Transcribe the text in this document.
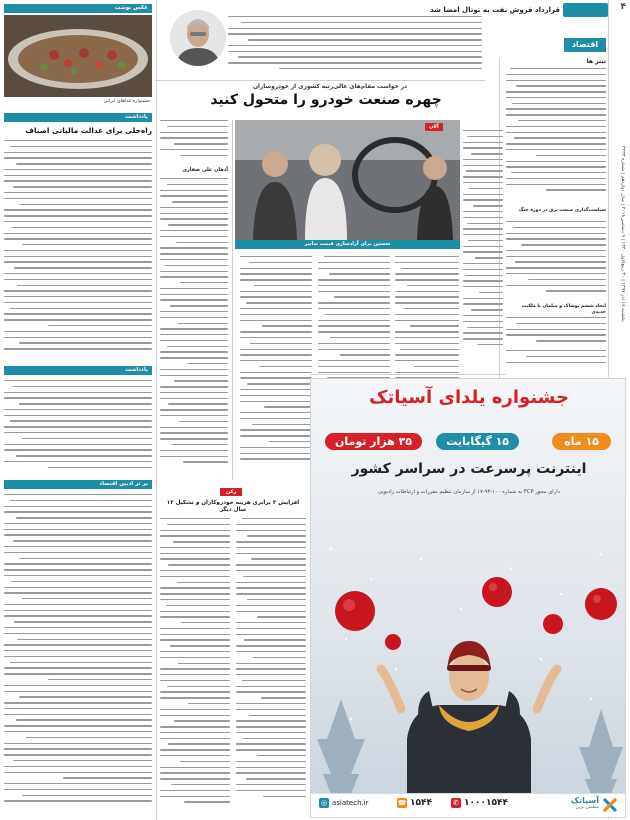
۴
یکشنبه ۱۸ آذر ۱۳۹۷ | ۳۰ ربیع‌الاول ۱۴۴۰ | ۹ دسامبر ۲۰۱۸ | سال دوازدهم | شماره ۳۲۴۳
اقتصاد
تیتر ها
سیاست‌گذاری صنعت برق در دوره جنگ
ایجاد ششم پوشاک و مبلمان با ملکیت جدیدی
قرارداد فروش نفت به توتال امضا شد
در خواست مقام‌های عالی‌رتبه کشوری از خودروسازان
چهره صنعت خودرو را متحول کنید
آلان
تحسین برای آزادسازی قیمت تدابیر
آذهان علی صفاری
رکن
افزایش ۳ برابری هزینه خودروکاران و تشکیل ۱۲ سال دیگر
عکس نوشت
جشنواره غذاهای ایرانی
یادداشت
راه‌حلی برای عدالت مالیاتی اصناف
یادداشت
بر تر ادیبن اقتصاد
جشنواره یلدای آسیاتک
۱۵ ماه
۱۵ گیگابایت
۳۵ هزار تومان
اینترنت پرسرعت در سراسر کشور
دارای مجوز FCP به شماره ۱۰۰-۹۳-۱۷ از سازمان تنظیم مقررات و ارتباطات رادیویی
آسیاتک
مطمئن ترین
✆ ۱۰۰۰۱۵۴۴
☎ ۱۵۴۴
◎ asiatech.ir
